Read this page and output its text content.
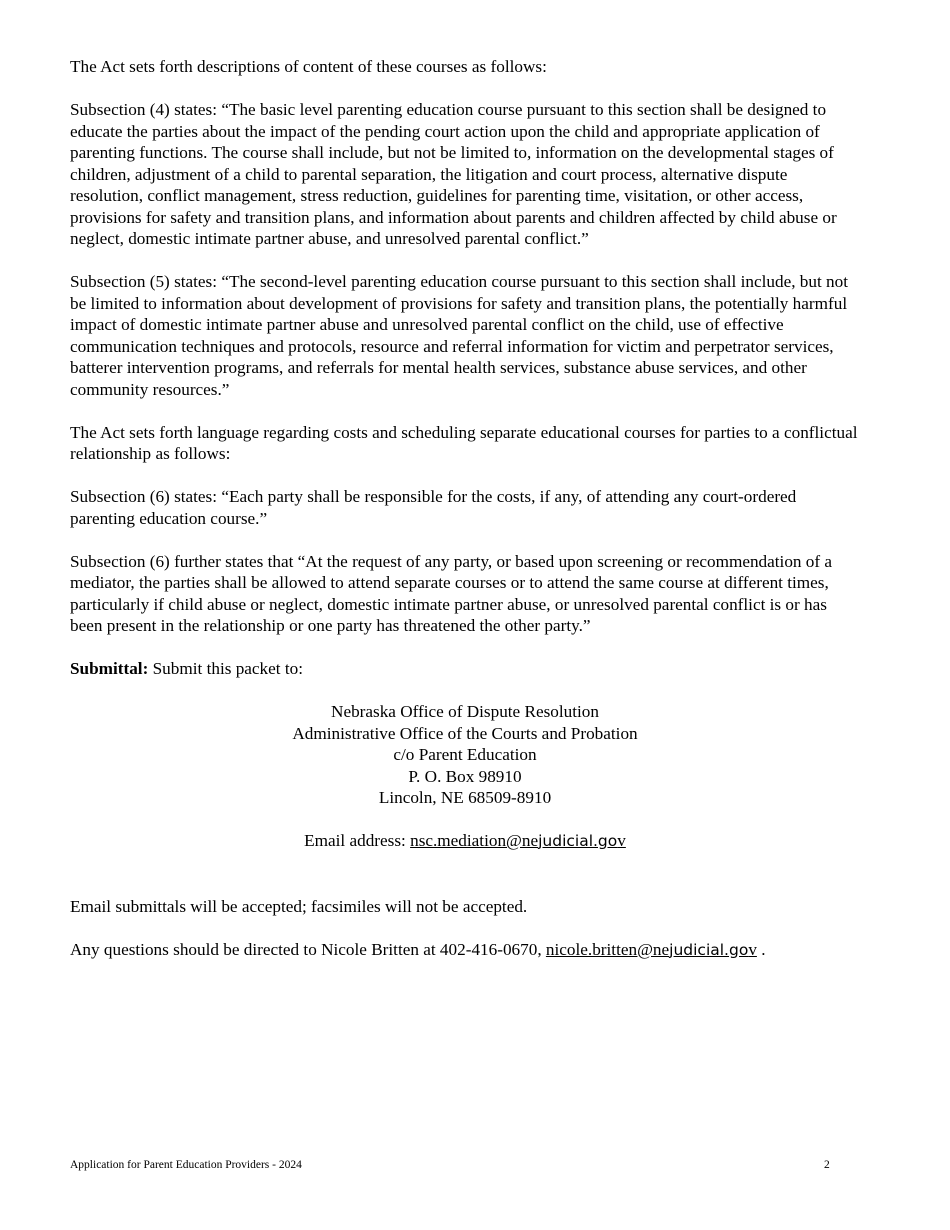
The Act sets forth descriptions of content of these courses as follows:

Subsection (4) states: “The basic level parenting education course pursuant to this section shall be designed to educate the parties about the impact of the pending court action upon the child and appropriate application of parenting functions. The course shall include, but not be limited to, information on the developmental stages of children, adjustment of a child to parental separation, the litigation and court process, alternative dispute resolution, conflict management, stress reduction, guidelines for parenting time, visitation, or other access, provisions for safety and transition plans, and information about parents and children affected by child abuse or neglect, domestic intimate partner abuse, and unresolved parental conflict.”

Subsection (5) states: “The second-level parenting education course pursuant to this section shall include, but not be limited to information about development of provisions for safety and transition plans, the potentially harmful impact of domestic intimate partner abuse and unresolved parental conflict on the child, use of effective communication techniques and protocols, resource and referral information for victim and perpetrator services, batterer intervention programs, and referrals for mental health services, substance abuse services, and other community resources.”

The Act sets forth language regarding costs and scheduling separate educational courses for parties to a conflictual relationship as follows:

Subsection (6) states: “Each party shall be responsible for the costs, if any, of attending any court-ordered parenting education course.”

Subsection (6) further states that “At the request of any party, or based upon screening or recommendation of a mediator, the parties shall be allowed to attend separate courses or to attend the same course at different times, particularly if child abuse or neglect, domestic intimate partner abuse, or unresolved parental conflict is or has been present in the relationship or one party has threatened the other party.”

Submittal: Submit this packet to:

Nebraska Office of Dispute Resolution
Administrative Office of the Courts and Probation
c/o Parent Education
P. O. Box 98910
Lincoln, NE 68509-8910
Email address: nsc.mediation@nejudicial.gov

Email submittals will be accepted; facsimiles will not be accepted.

Any questions should be directed to Nicole Britten at 402-416-0670, nicole.britten@nejudicial.gov .

Application for Parent Education Providers - 2024	2
